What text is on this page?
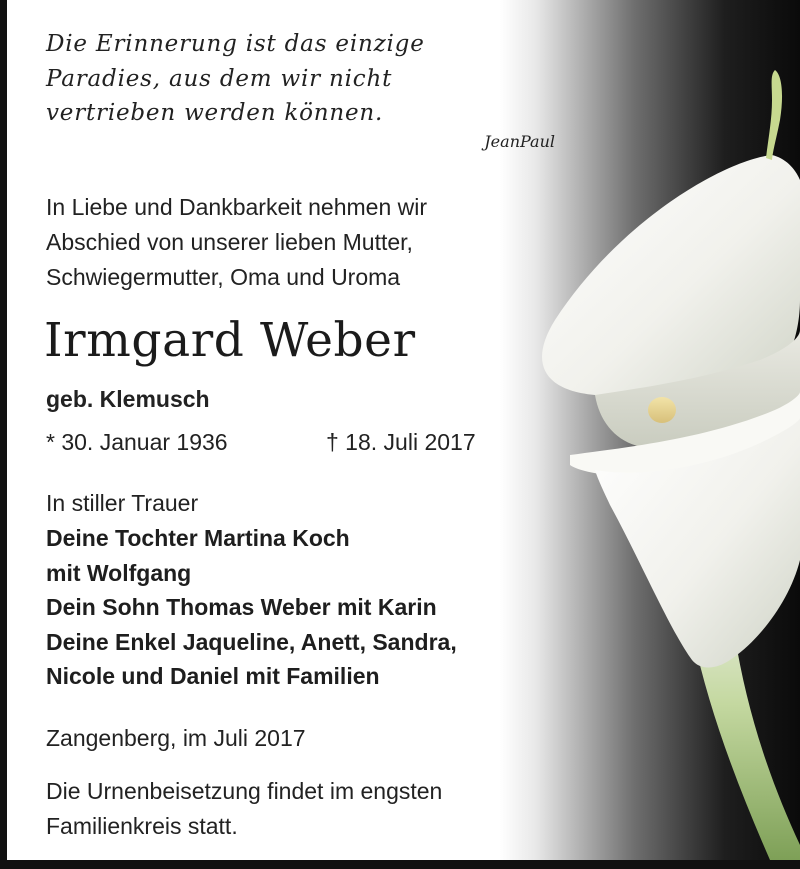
Die Erinnerung ist das einzige
Paradies, aus dem wir nicht
vertrieben werden können.
JeanPaul
In Liebe und Dankbarkeit nehmen wir
Abschied von unserer lieben Mutter,
Schwiegermutter, Oma und Uroma
Irmgard Weber
geb. Klemusch
* 30. Januar 1936	† 18. Juli 2017
In stiller Trauer
Deine Tochter Martina Koch
mit Wolfgang
Dein Sohn Thomas Weber mit Karin
Deine Enkel Jaqueline, Anett, Sandra,
Nicole und Daniel mit Familien
Zangenberg, im Juli 2017
Die Urnenbeisetzung findet im engsten
Familienkreis statt.
